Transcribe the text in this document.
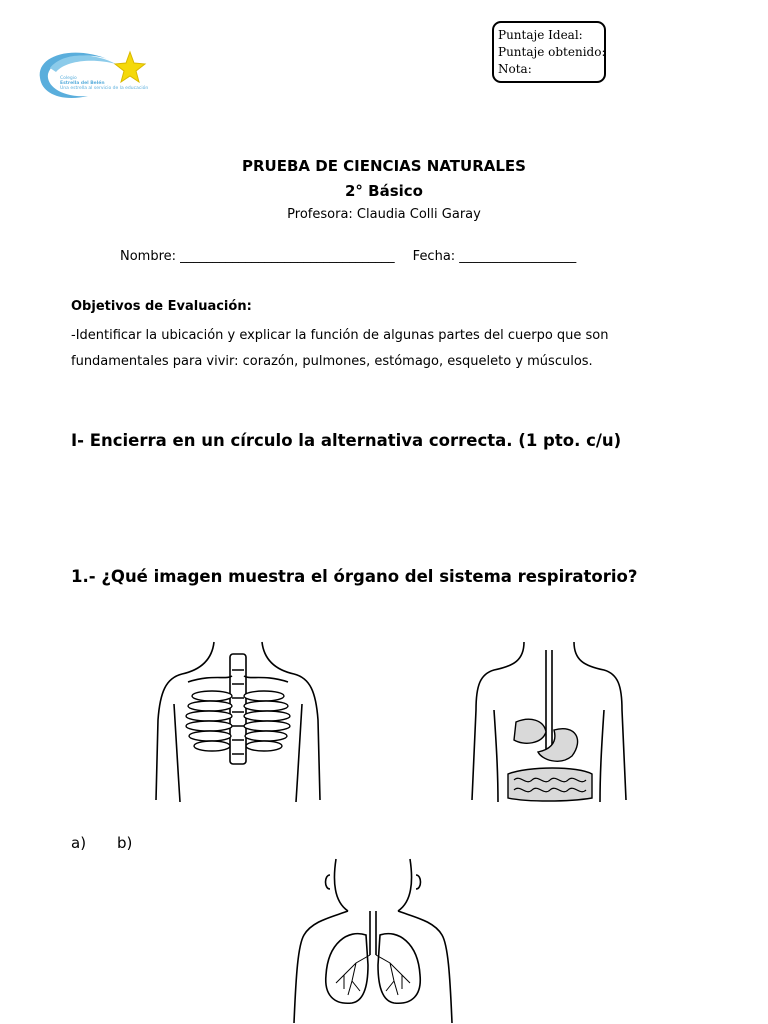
Colegio
Estrella del Belén
Una estrella al servicio de la educación
Puntaje Ideal:
Puntaje obtenido:
Nota:
PRUEBA DE CIENCIAS NATURALES
2° Básico
Profesora: Claudia Colli Garay
Nombre: _________________________________ Fecha: __________________
Objetivos de Evaluación:
-Identificar la ubicación y explicar la función de algunas partes del cuerpo que son fundamentales para vivir: corazón, pulmones, estómago, esqueleto y músculos.
I- Encierra en un círculo la alternativa correcta. (1 pto. c/u)
1.- ¿Qué imagen muestra el órgano del sistema respiratorio?
a) b)
